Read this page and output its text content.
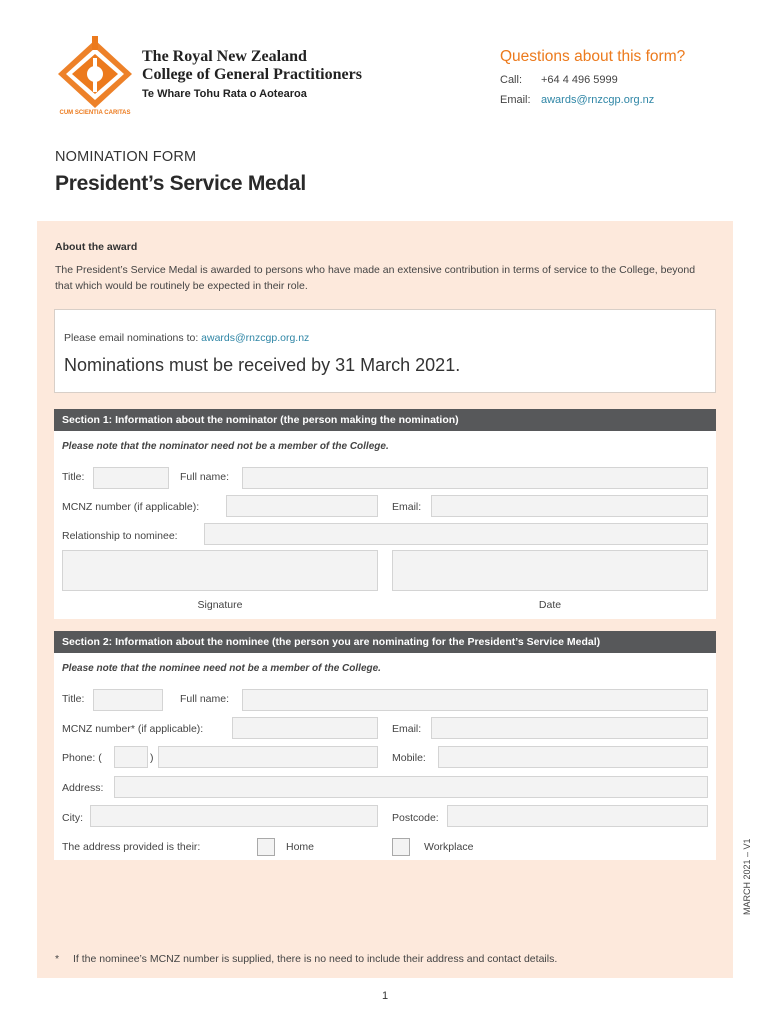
CUM SCIENTIA CARITAS
The Royal New Zealand
College of General Practitioners
Te Whare Tohu Rata o Aotearoa
Questions about this form?
Call: +64 4 496 5999
Email: awards@rnzcgp.org.nz
NOMINATION FORM
President’s Service Medal
About the award
The President’s Service Medal is awarded to persons who have made an extensive contribution in terms of service to the College, beyond that which would be routinely be expected in their role.
Please email nominations to: awards@rnzcgp.org.nz
Nominations must be received by 31 March 2021.
Section 1: Information about the nominator (the person making the nomination)
Please note that the nominator need not be a member of the College.
Title:	Full name:
MCNZ number (if applicable):	Email:
Relationship to nominee:
Signature	Date
Section 2: Information about the nominee (the person you are nominating for the President’s Service Medal)
Please note that the nominee need not be a member of the College.
Title:	Full name:
MCNZ number* (if applicable):	Email:
Phone: (	)	Mobile:
Address:
City:	Postcode:
The address provided is their:	Home	Workplace
* If the nominee’s MCNZ number is supplied, there is no need to include their address and contact details.
MARCH 2021 – V1
1
